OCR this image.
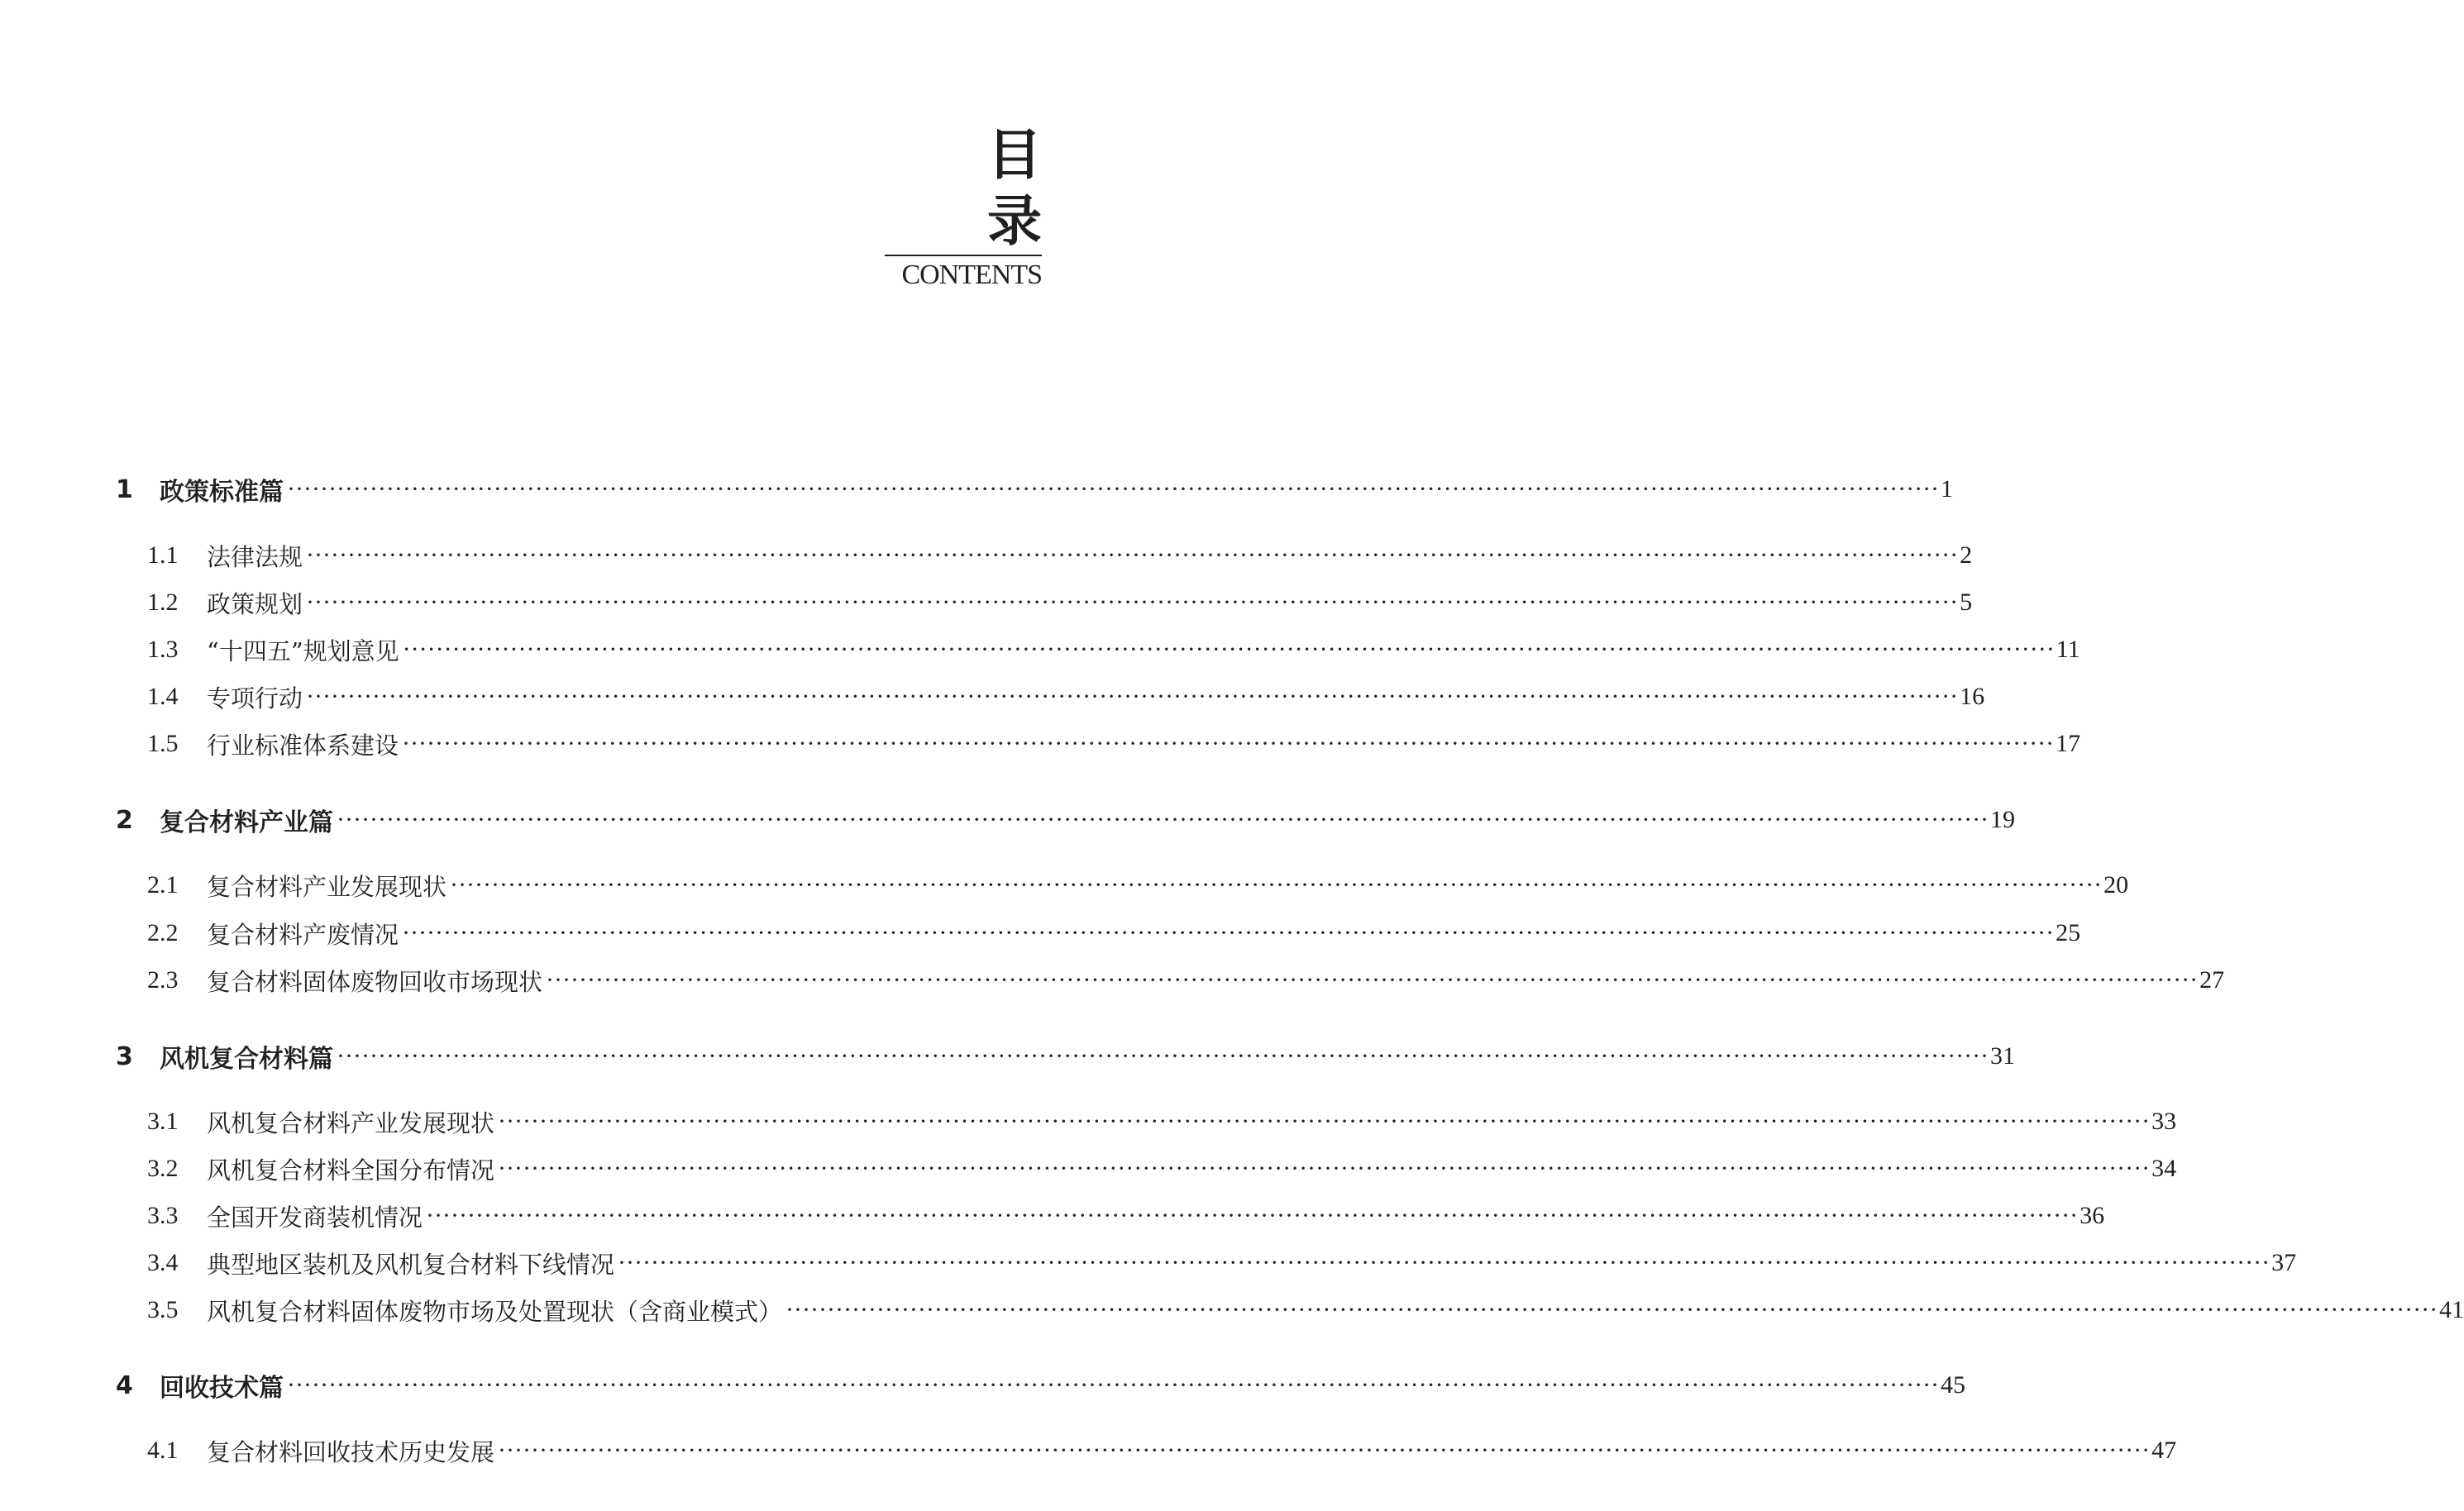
目 录
CONTENTS
1 政策标准篇 ········································································································································································································ 1
1.1 法律法规 ········································································································································································································ 2
1.2 政策规划 ········································································································································································································ 5
1.3 “十四五”规划意见 ········································································································································································································ 11
1.4 专项行动 ········································································································································································································ 16
1.5 行业标准体系建设 ········································································································································································································ 17
2 复合材料产业篇 ········································································································································································································ 19
2.1 复合材料产业发展现状 ········································································································································································································ 20
2.2 复合材料产废情况 ········································································································································································································ 25
2.3 复合材料固体废物回收市场现状 ········································································································································································································ 27
3 风机复合材料篇 ········································································································································································································ 31
3.1 风机复合材料产业发展现状 ········································································································································································································ 33
3.2 风机复合材料全国分布情况 ········································································································································································································ 34
3.3 全国开发商装机情况 ········································································································································································································ 36
3.4 典型地区装机及风机复合材料下线情况 ········································································································································································································ 37
3.5 风机复合材料固体废物市场及处置现状（含商业模式） ········································································································································································································ 41
4 回收技术篇 ········································································································································································································ 45
4.1 复合材料回收技术历史发展 ········································································································································································································ 47
